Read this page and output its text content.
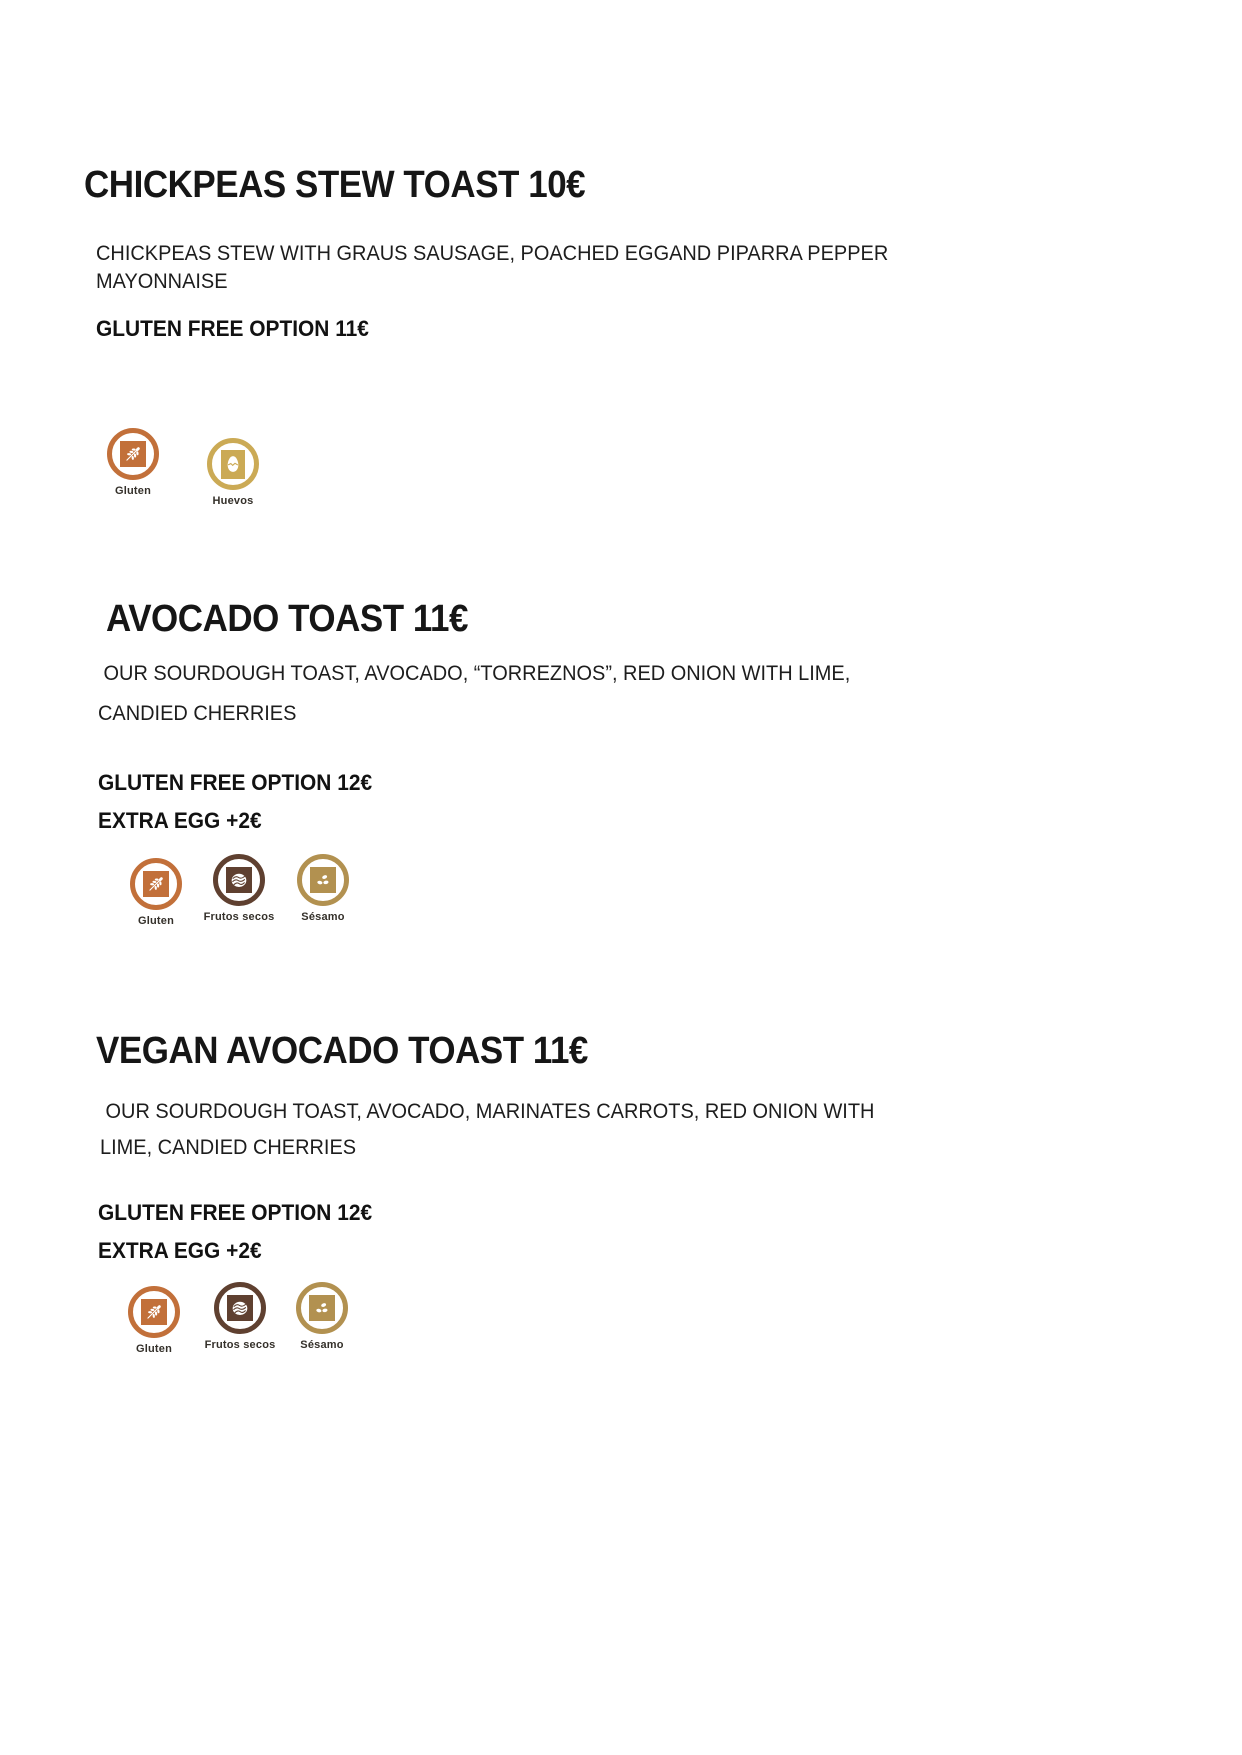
CHICKPEAS STEW TOAST 10€
CHICKPEAS STEW WITH GRAUS SAUSAGE, POACHED EGGAND PIPARRA PEPPER
MAYONNAISE
GLUTEN FREE OPTION 11€
Gluten
Huevos
AVOCADO TOAST 11€
OUR SOURDOUGH TOAST, AVOCADO, “TORREZNOS”, RED ONION WITH LIME,
CANDIED CHERRIES
GLUTEN FREE OPTION 12€
EXTRA EGG +2€
Gluten	Frutos secos Sésamo
VEGAN AVOCADO TOAST 11€
OUR SOURDOUGH TOAST, AVOCADO, MARINATES CARROTS, RED ONION WITH
LIME, CANDIED CHERRIES
GLUTEN FREE OPTION 12€
EXTRA EGG +2€
Gluten	Frutos secos Sésamo
